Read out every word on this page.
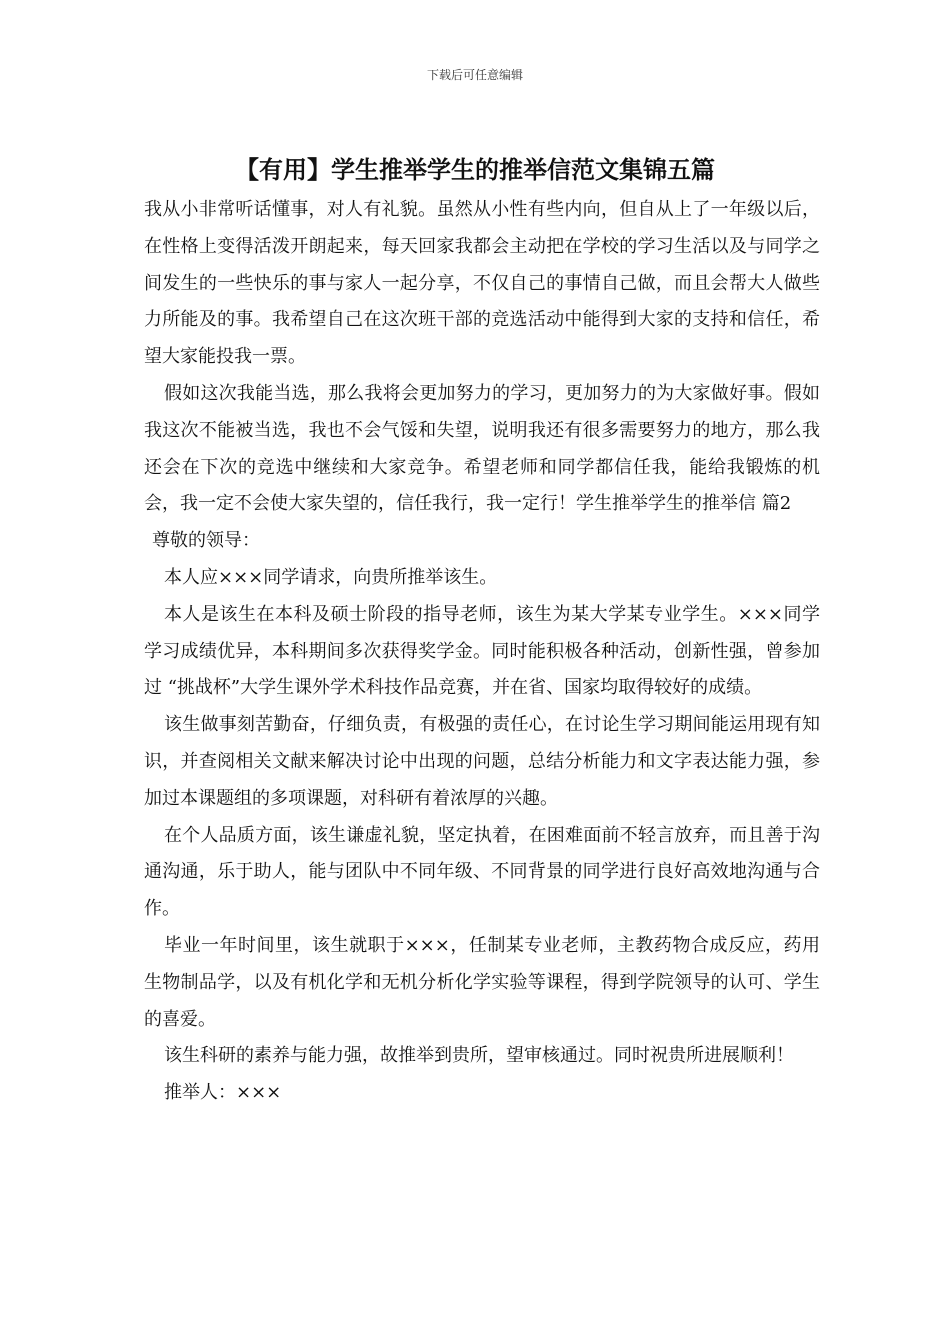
下载后可任意编辑
【有用】学生推举学生的推举信范文集锦五篇

我从小非常听话懂事，对人有礼貌。虽然从小性有些内向，但自从上了一年级以后，在性格上变得活泼开朗起来，每天回家我都会主动把在学校的学习生活以及与同学之间发生的一些快乐的事与家人一起分享，不仅自己的事情自己做，而且会帮大人做些力所能及的事。我希望自己在这次班干部的竞选活动中能得到大家的支持和信任，希望大家能投我一票。

假如这次我能当选，那么我将会更加努力的学习，更加努力的为大家做好事。假如我这次不能被当选，我也不会气馁和失望，说明我还有很多需要努力的地方，那么我还会在下次的竞选中继续和大家竞争。希望老师和同学都信任我，能给我锻炼的机会，我一定不会使大家失望的，信任我行，我一定行！学生推举学生的推举信 篇2

尊敬的领导：

本人应×××同学请求，向贵所推举该生。

本人是该生在本科及硕士阶段的指导老师，该生为某大学某专业学生。×××同学学习成绩优异，本科期间多次获得奖学金。同时能积极各种活动，创新性强，曾参加过 “挑战杯”大学生课外学术科技作品竞赛，并在省、国家均取得较好的成绩。

该生做事刻苦勤奋，仔细负责，有极强的责任心，在讨论生学习期间能运用现有知识，并查阅相关文献来解决讨论中出现的问题，总结分析能力和文字表达能力强，参加过本课题组的多项课题，对科研有着浓厚的兴趣。

在个人品质方面，该生谦虚礼貌，坚定执着，在困难面前不轻言放弃，而且善于沟通沟通，乐于助人，能与团队中不同年级、不同背景的同学进行良好高效地沟通与合作。

毕业一年时间里，该生就职于×××，任制某专业老师，主教药物合成反应，药用生物制品学，以及有机化学和无机分析化学实验等课程，得到学院领导的认可、学生的喜爱。

该生科研的素养与能力强，故推举到贵所，望审核通过。同时祝贵所进展顺利！

推举人：×××
